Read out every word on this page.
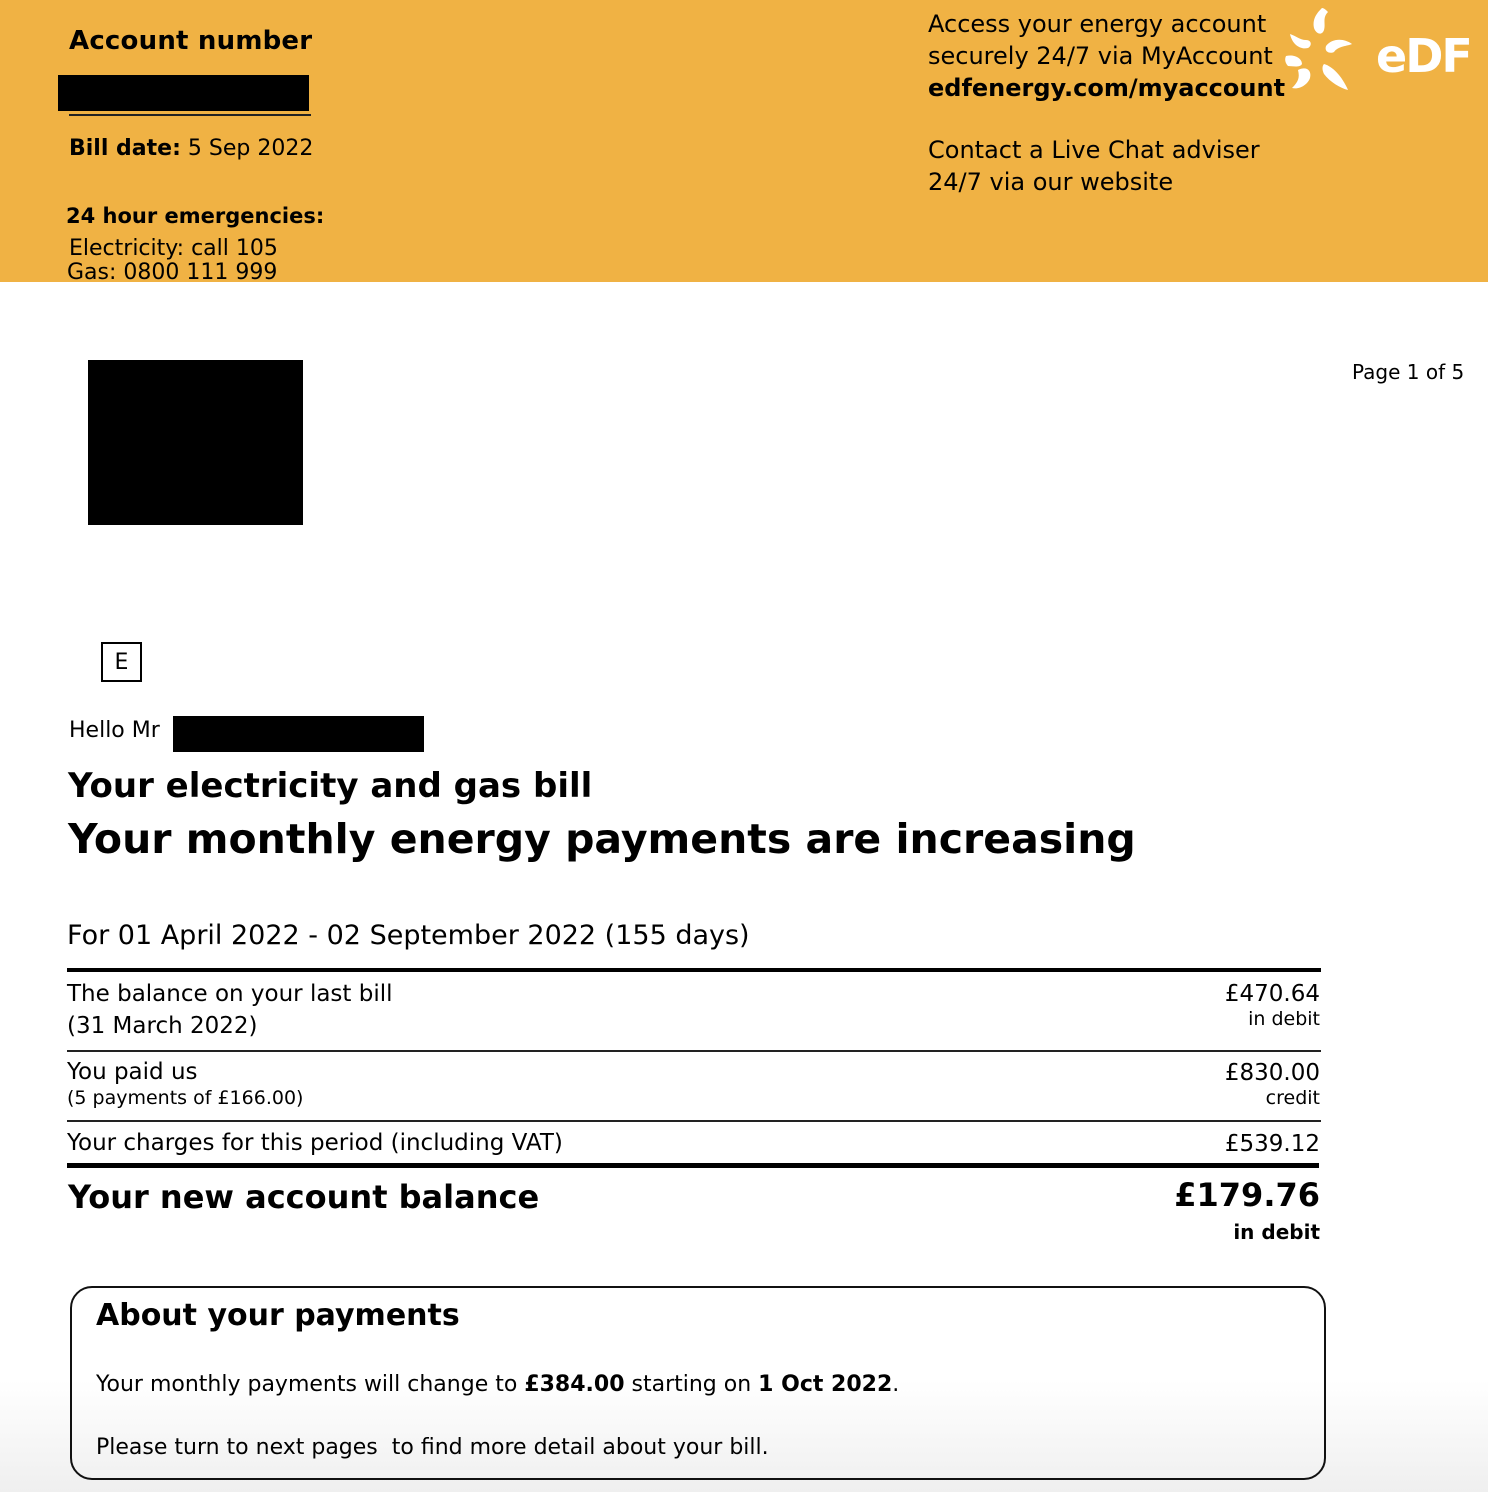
Account number
Bill date: 5 Sep 2022
24 hour emergencies:
Electricity: call 105
Gas: 0800 111 999
Access your energy account
securely 24/7 via MyAccount
edfenergy.com/myaccount
Contact a Live Chat adviser
24/7 via our website
eDF
Page 1 of 5
E
Hello Mr
Your electricity and gas bill
Your monthly energy payments are increasing
For 01 April 2022 - 02 September 2022 (155 days)
The balance on your last bill
(31 March 2022)
£470.64
in debit
You paid us
(5 payments of £166.00)
£830.00
credit
Your charges for this period (including VAT)	£539.12
Your new account balance	£179.76
in debit
About your payments
Your monthly payments will change to £384.00 starting on 1 Oct 2022.
Please turn to next pages  to find more detail about your bill.
